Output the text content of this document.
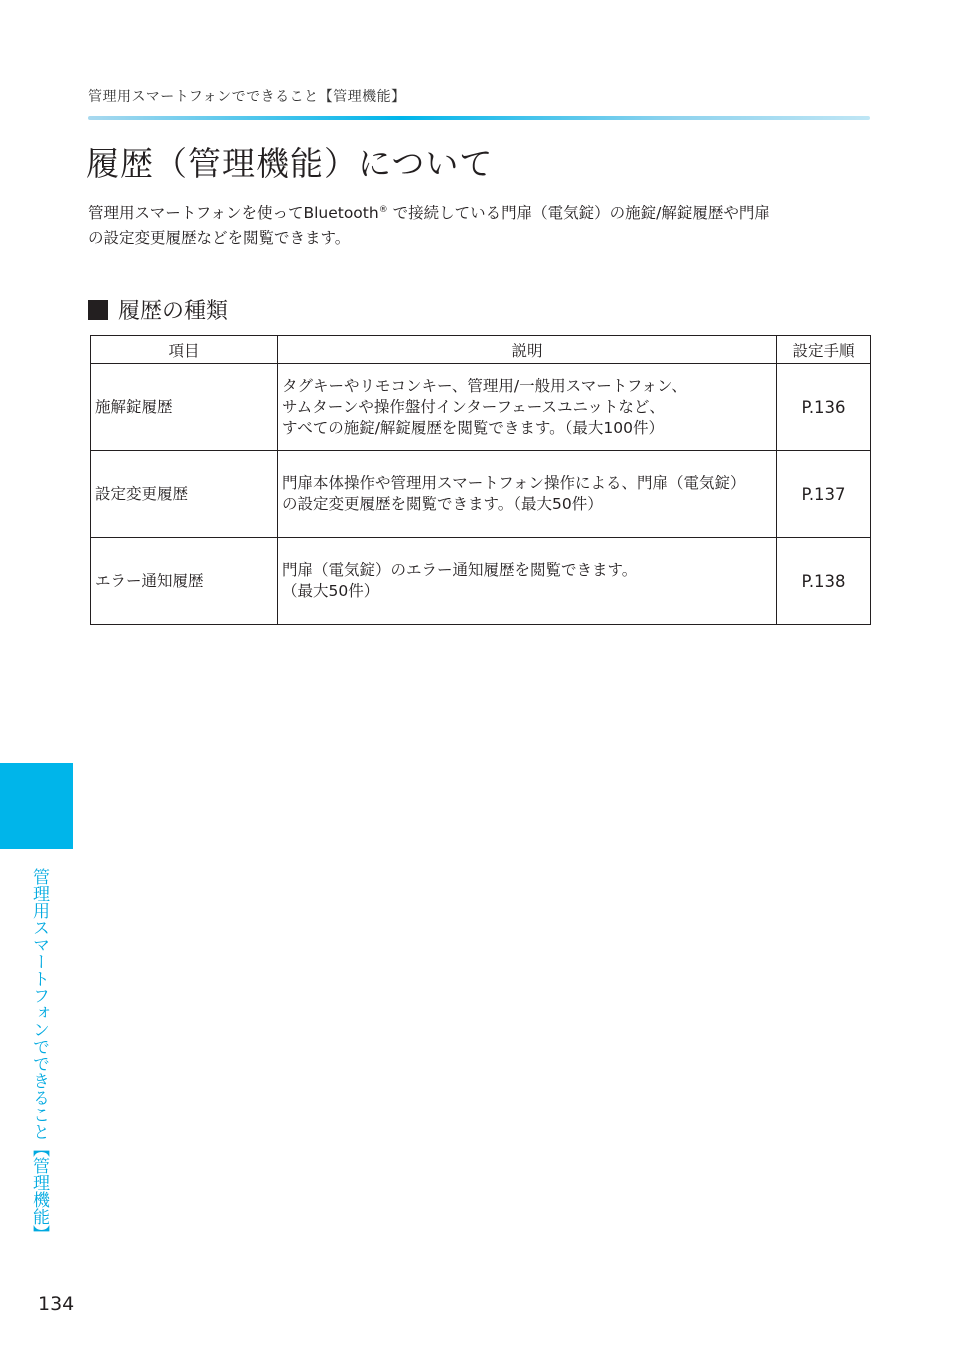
管理用スマートフォンでできること【管理機能】
履歴（管理機能）について
管理用スマートフォンを使ってBluetooth® で接続している門扉（電気錠）の施錠/解錠履歴や門扉
の設定変更履歴などを閲覧できます。
履歴の種類
項目	説明	設定手順
施解錠履歴	タグキーやリモコンキー、管理用/一般用スマートフォン、
サムターンや操作盤付インターフェースユニットなど、
すべての施錠/解錠履歴を閲覧できます。（最大100件）	P.136
設定変更履歴	門扉本体操作や管理用スマートフォン操作による、門扉（電気錠）
の設定変更履歴を閲覧できます。（最大50件）	P.137
エラー通知履歴	門扉（電気錠）のエラー通知履歴を閲覧できます。
（最大50件）	P.138
管理用スマートフォンでできること【管理機能】
134
